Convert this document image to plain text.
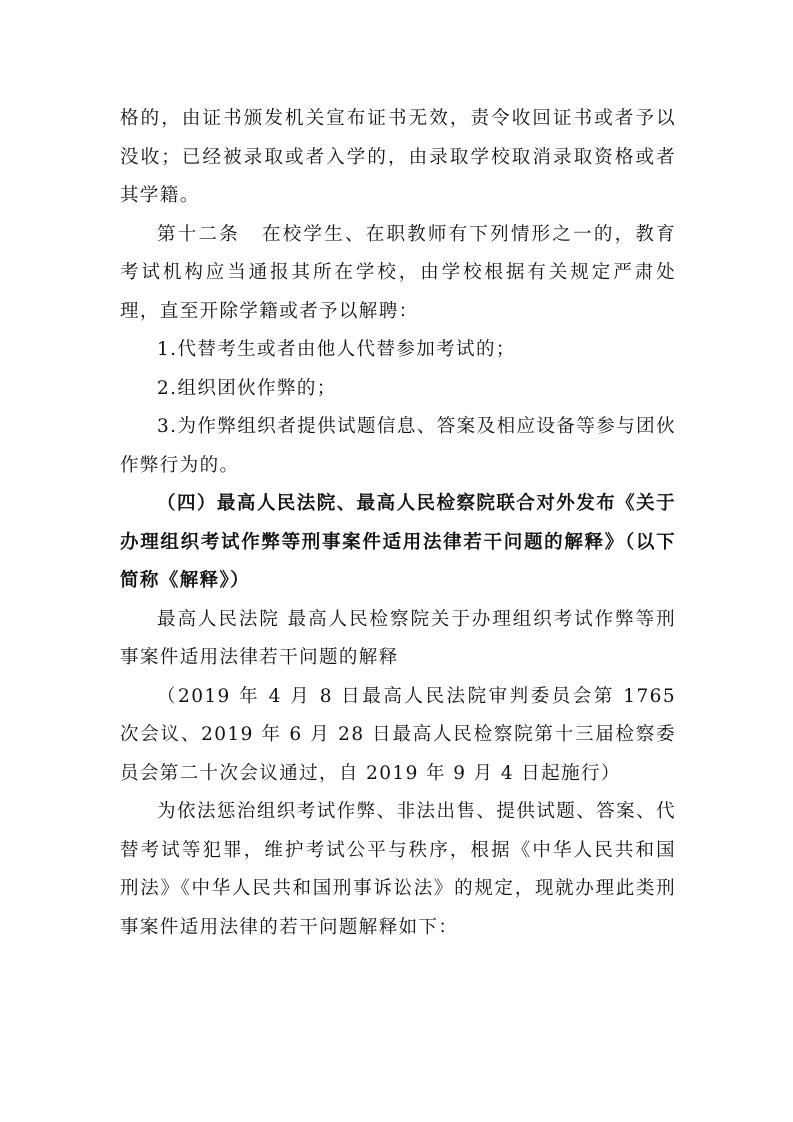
格的，由证书颁发机关宣布证书无效，责令收回证书或者予以没收；已经被录取或者入学的，由录取学校取消录取资格或者其学籍。

第十二条 在校学生、在职教师有下列情形之一的，教育考试机构应当通报其所在学校，由学校根据有关规定严肃处理，直至开除学籍或者予以解聘：

1.代替考生或者由他人代替参加考试的；

2.组织团伙作弊的；

3.为作弊组织者提供试题信息、答案及相应设备等参与团伙作弊行为的。

（四）最高人民法院、最高人民检察院联合对外发布《关于办理组织考试作弊等刑事案件适用法律若干问题的解释》（以下简称《解释》）

最高人民法院 最高人民检察院关于办理组织考试作弊等刑事案件适用法律若干问题的解释

（2019 年 4 月 8 日最高人民法院审判委员会第 1765 次会议、2019 年 6 月 28 日最高人民检察院第十三届检察委员会第二十次会议通过，自 2019 年 9 月 4 日起施行）

为依法惩治组织考试作弊、非法出售、提供试题、答案、代替考试等犯罪，维护考试公平与秩序，根据《中华人民共和国刑法》《中华人民共和国刑事诉讼法》的规定，现就办理此类刑事案件适用法律的若干问题解释如下：
